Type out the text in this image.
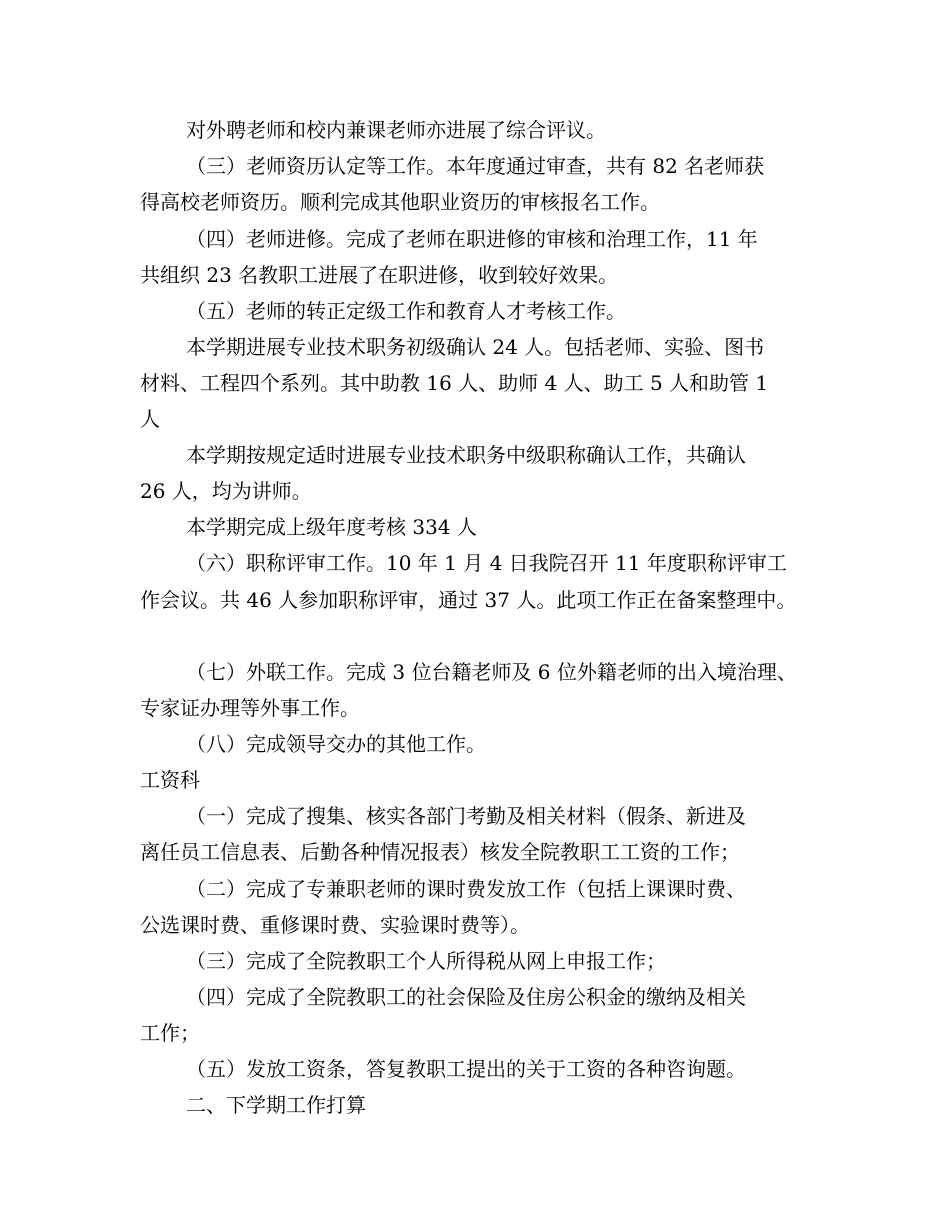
对外聘老师和校内兼课老师亦进展了综合评议。
（三）老师资历认定等工作。本年度通过审查，共有 82 名老师获
得高校老师资历。顺利完成其他职业资历的审核报名工作。
（四）老师进修。完成了老师在职进修的审核和治理工作，11 年
共组织 23 名教职工进展了在职进修，收到较好效果。
（五）老师的转正定级工作和教育人才考核工作。
本学期进展专业技术职务初级确认 24 人。包括老师、实验、图书
材料、工程四个系列。其中助教 16 人、助师 4 人、助工 5 人和助管 1
人
本学期按规定适时进展专业技术职务中级职称确认工作，共确认
26 人，均为讲师。
本学期完成上级年度考核 334 人
（六）职称评审工作。10 年 1 月 4 日我院召开 11 年度职称评审工
作会议。共 46 人参加职称评审，通过 37 人。此项工作正在备案整理中。
（七）外联工作。完成 3 位台籍老师及 6 位外籍老师的出入境治理、
专家证办理等外事工作。
（八）完成领导交办的其他工作。
工资科
（一）完成了搜集、核实各部门考勤及相关材料（假条、新进及
离任员工信息表、后勤各种情况报表）核发全院教职工工资的工作；
（二）完成了专兼职老师的课时费发放工作（包括上课课时费、
公选课时费、重修课时费、实验课时费等）。
（三）完成了全院教职工个人所得税从网上申报工作；
（四）完成了全院教职工的社会保险及住房公积金的缴纳及相关
工作；
（五）发放工资条，答复教职工提出的关于工资的各种咨询题。
二、下学期工作打算
